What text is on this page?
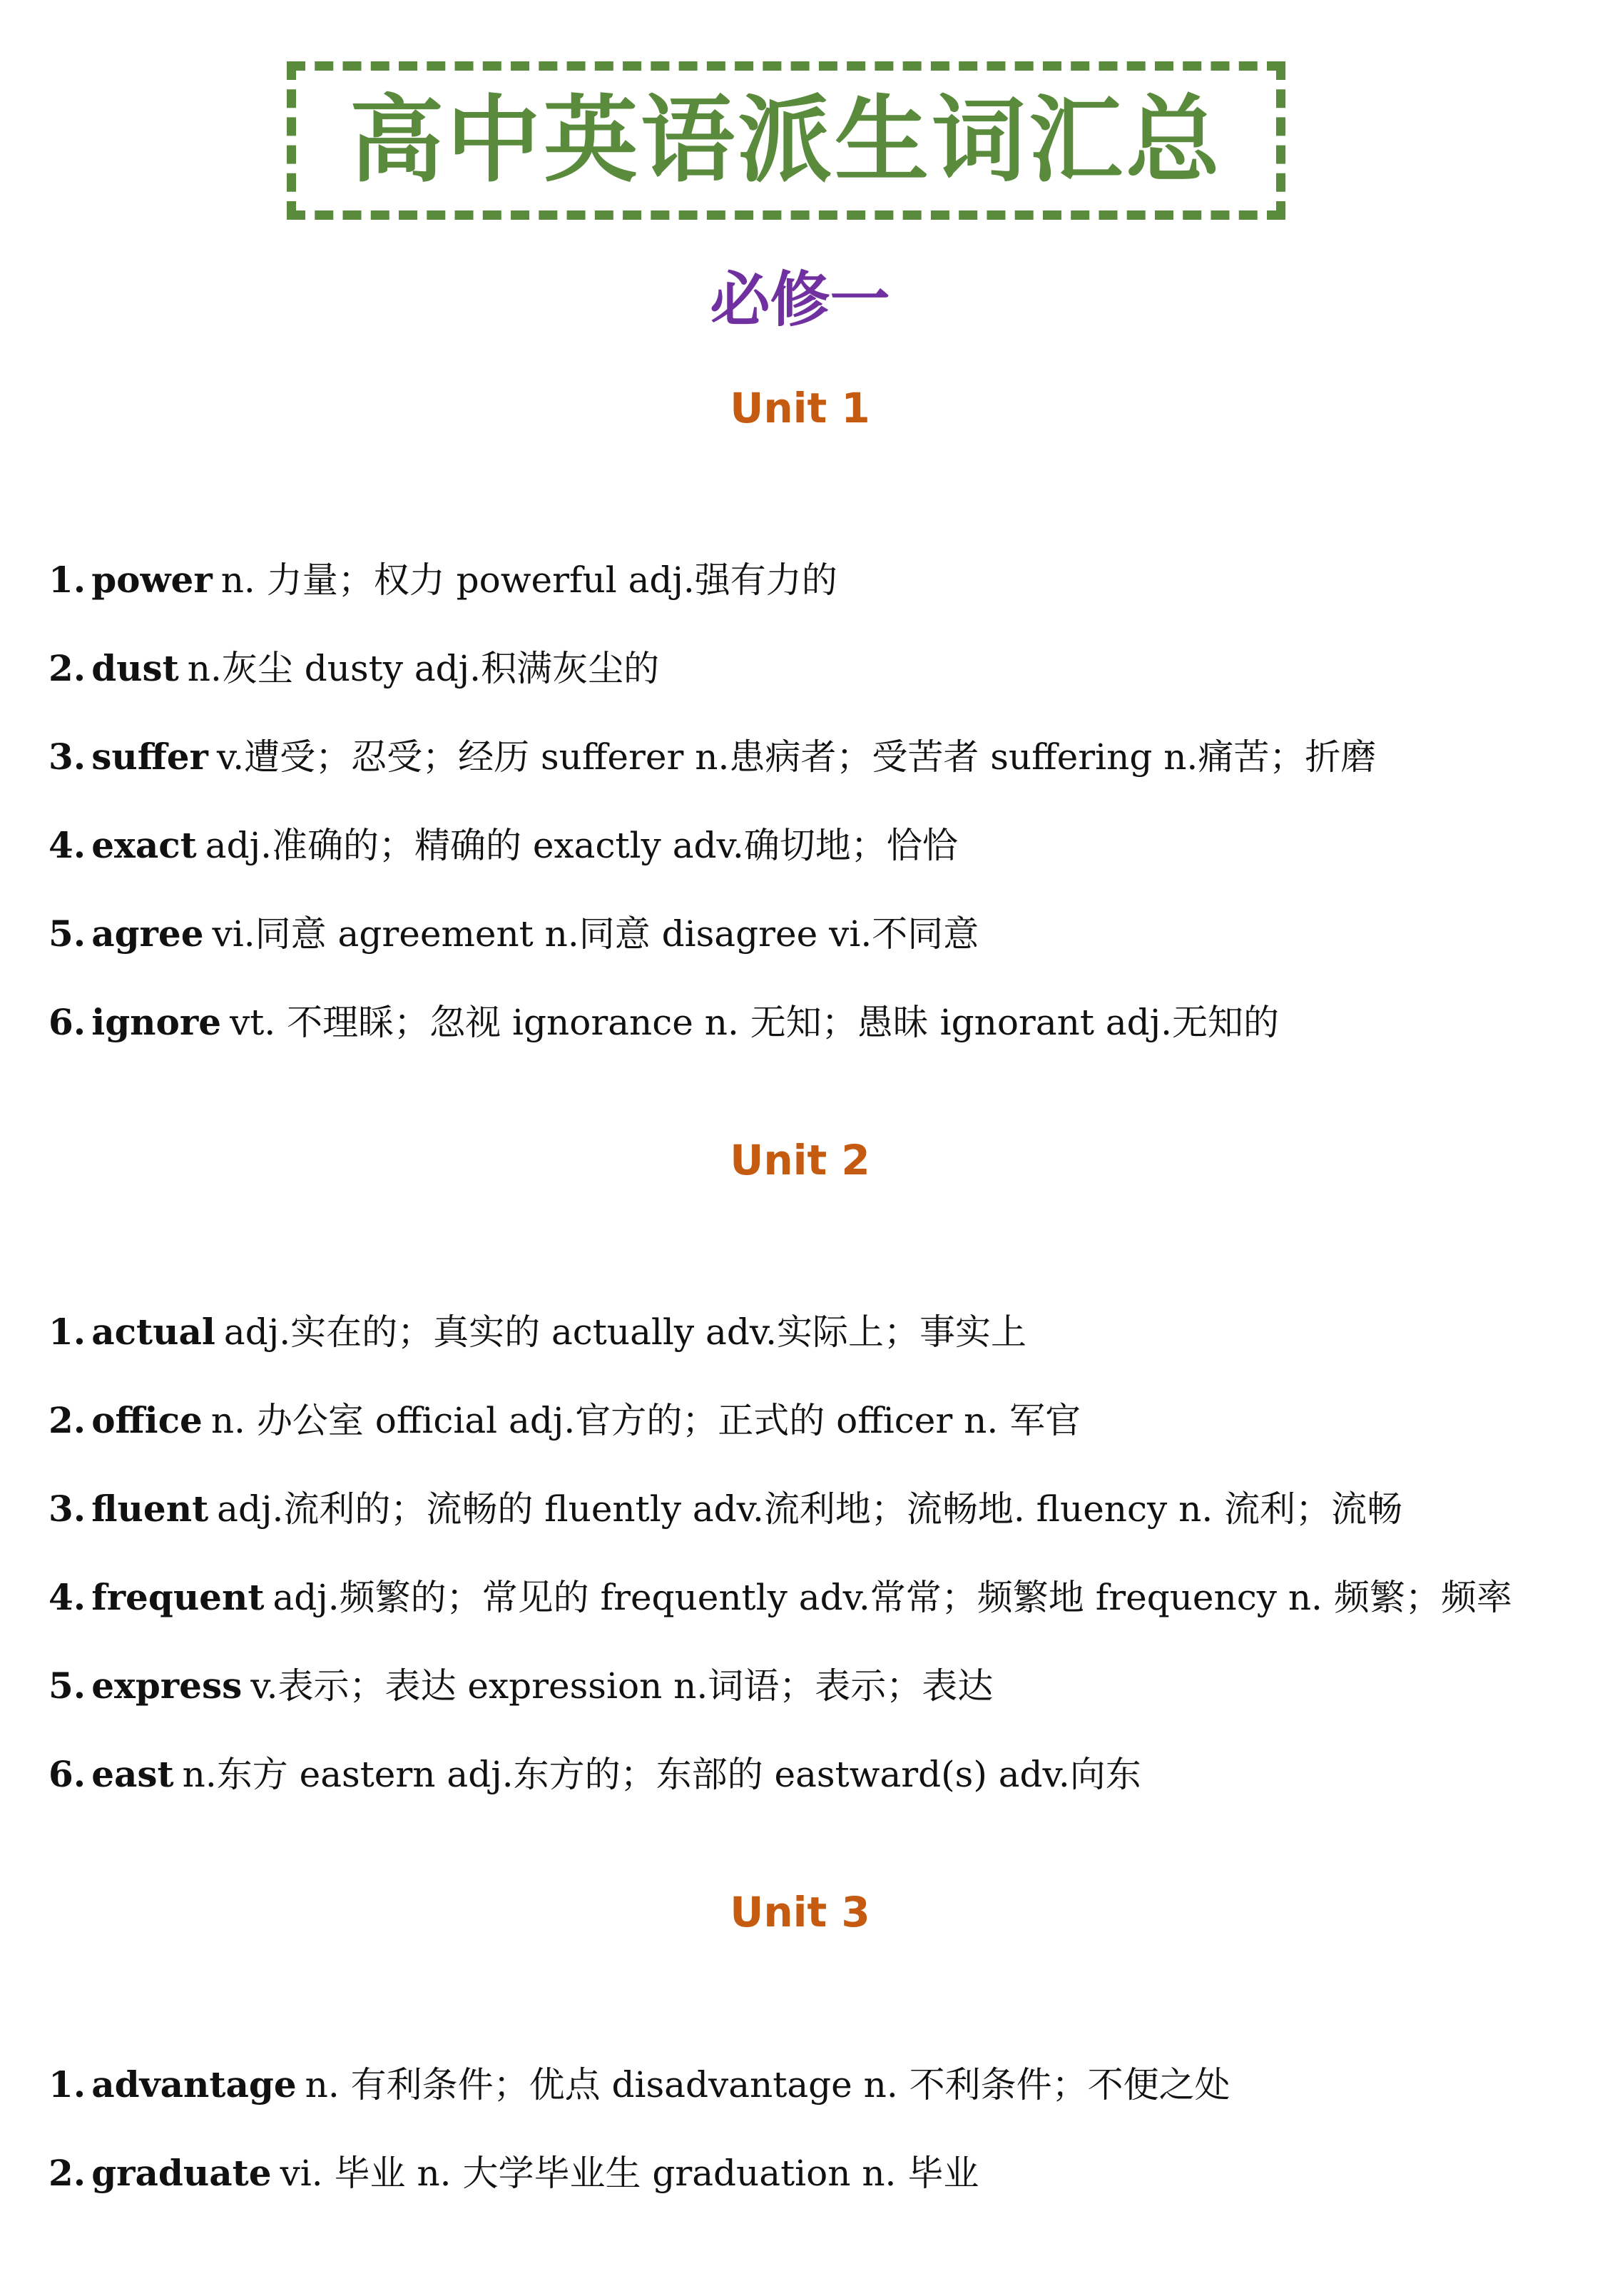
高中英语派生词汇总
必修一
Unit 1
1. power n. 力量；权力 powerful adj.强有力的
2. dust n.灰尘 dusty adj.积满灰尘的
3. suffer v.遭受；忍受；经历 sufferer n.患病者；受苦者 suffering n.痛苦；折磨
4. exact adj.准确的；精确的 exactly adv.确切地；恰恰
5. agree vi.同意 agreement n.同意 disagree vi.不同意
6. ignore vt. 不理睬；忽视 ignorance n. 无知；愚昧 ignorant adj.无知的
Unit 2
1. actual adj.实在的；真实的 actually adv.实际上；事实上
2. office n. 办公室 official adj.官方的；正式的 officer n. 军官
3. fluent adj.流利的；流畅的 fluently adv.流利地；流畅地. fluency n. 流利；流畅
4. frequent adj.频繁的；常见的 frequently adv.常常；频繁地 frequency n. 频繁；频率
5. express v.表示；表达 expression n.词语；表示；表达
6. east n.东方 eastern adj.东方的；东部的 eastward(s) adv.向东
Unit 3
1. advantage n. 有利条件；优点 disadvantage n. 不利条件；不便之处
2. graduate vi. 毕业 n. 大学毕业生 graduation n. 毕业
